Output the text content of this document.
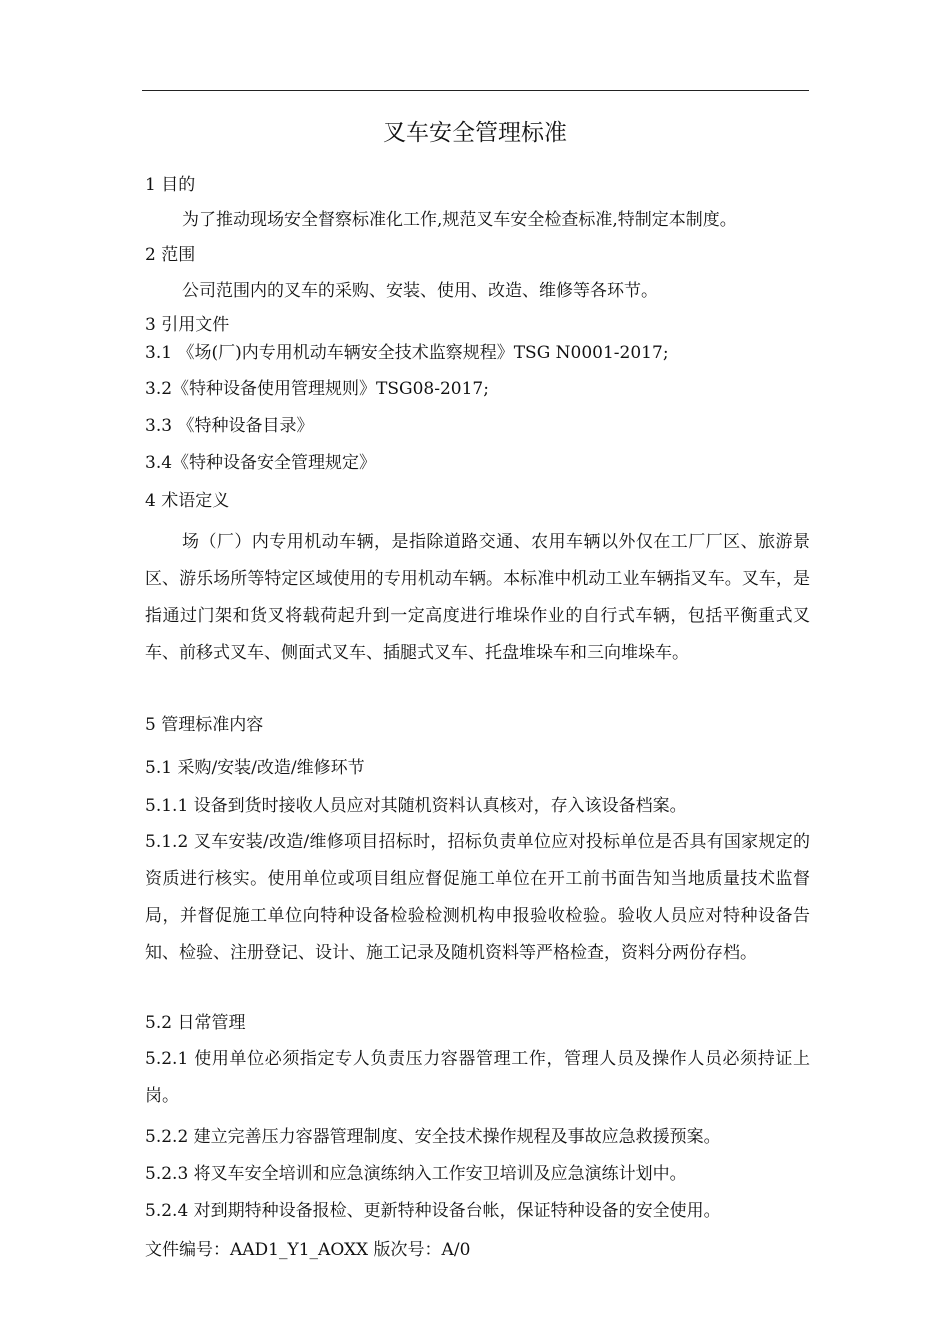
叉车安全管理标准
1 目的
为了推动现场安全督察标准化工作,规范叉车安全检查标准,特制定本制度。
2 范围
公司范围内的叉车的采购、安装、使用、改造、维修等各环节。
3 引用文件
3.1 《场(厂)内专用机动车辆安全技术监察规程》TSG N0001-2017;
3.2《特种设备使用管理规则》TSG08-2017;
3.3 《特种设备目录》
3.4《特种设备安全管理规定》
4 术语定义

场（厂）内专用机动车辆，是指除道路交通、农用车辆以外仅在工厂厂区、旅游景区、游乐场所等特定区域使用的专用机动车辆。本标准中机动工业车辆指叉车。叉车，是指通过门架和货叉将载荷起升到一定高度进行堆垛作业的自行式车辆，包括平衡重式叉车、前移式叉车、侧面式叉车、插腿式叉车、托盘堆垛车和三向堆垛车。

5 管理标准内容
5.1 采购/安装/改造/维修环节
5.1.1 设备到货时接收人员应对其随机资料认真核对，存入该设备档案。

5.1.2 叉车安装/改造/维修项目招标时，招标负责单位应对投标单位是否具有国家规定的资质进行核实。使用单位或项目组应督促施工单位在开工前书面告知当地质量技术监督局，并督促施工单位向特种设备检验检测机构申报验收检验。验收人员应对特种设备告知、检验、注册登记、设计、施工记录及随机资料等严格检查，资料分两份存档。

5.2 日常管理

5.2.1 使用单位必须指定专人负责压力容器管理工作，管理人员及操作人员必须持证上岗。

5.2.2 建立完善压力容器管理制度、安全技术操作规程及事故应急救援预案。
5.2.3 将叉车安全培训和应急演练纳入工作安卫培训及应急演练计划中。
5.2.4 对到期特种设备报检、更新特种设备台帐，保证特种设备的安全使用。
文件编号：AAD1_Y1_AOXX 版次号：A/0
